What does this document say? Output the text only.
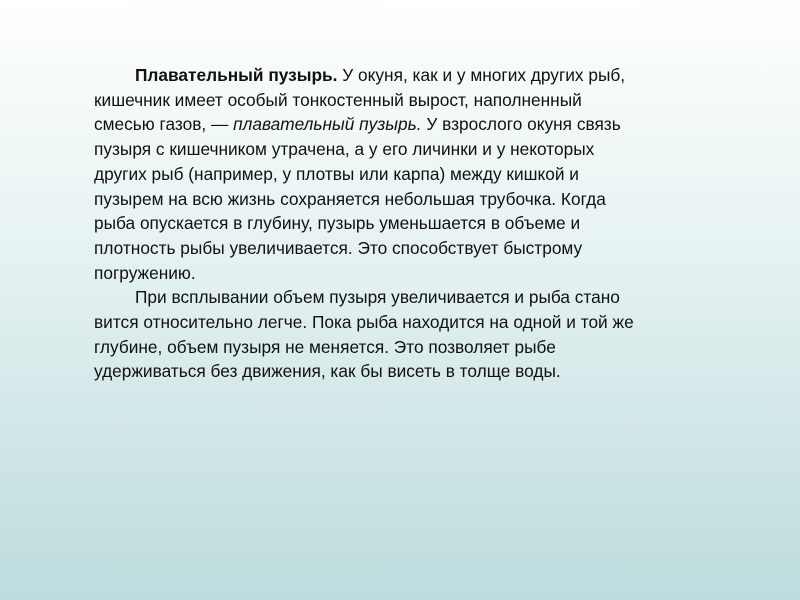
Плавательный пузырь. У окуня, как и у многих других рыб,
кишечник имеет особый тонкостенный вырост, наполненный
смесью газов, — плавательный пузырь. У взрослого окуня связь
пузыря с кишечником утрачена, а у его личинки и у некоторых
других рыб (например, у плотвы или карпа) между кишкой и
пузырем на всю жизнь сохраняется небольшая трубочка. Когда
рыба опускается в глубину, пузырь уменьшается в объеме и
плотность рыбы увеличивается. Это способствует быстрому
погружению.
При всплывании объем пузыря увеличивается и рыба стано
вится относительно легче. Пока рыба находится на одной и той же
глубине, объем пузыря не меняется. Это позволяет рыбе
удерживаться без движения, как бы висеть в толще воды.
